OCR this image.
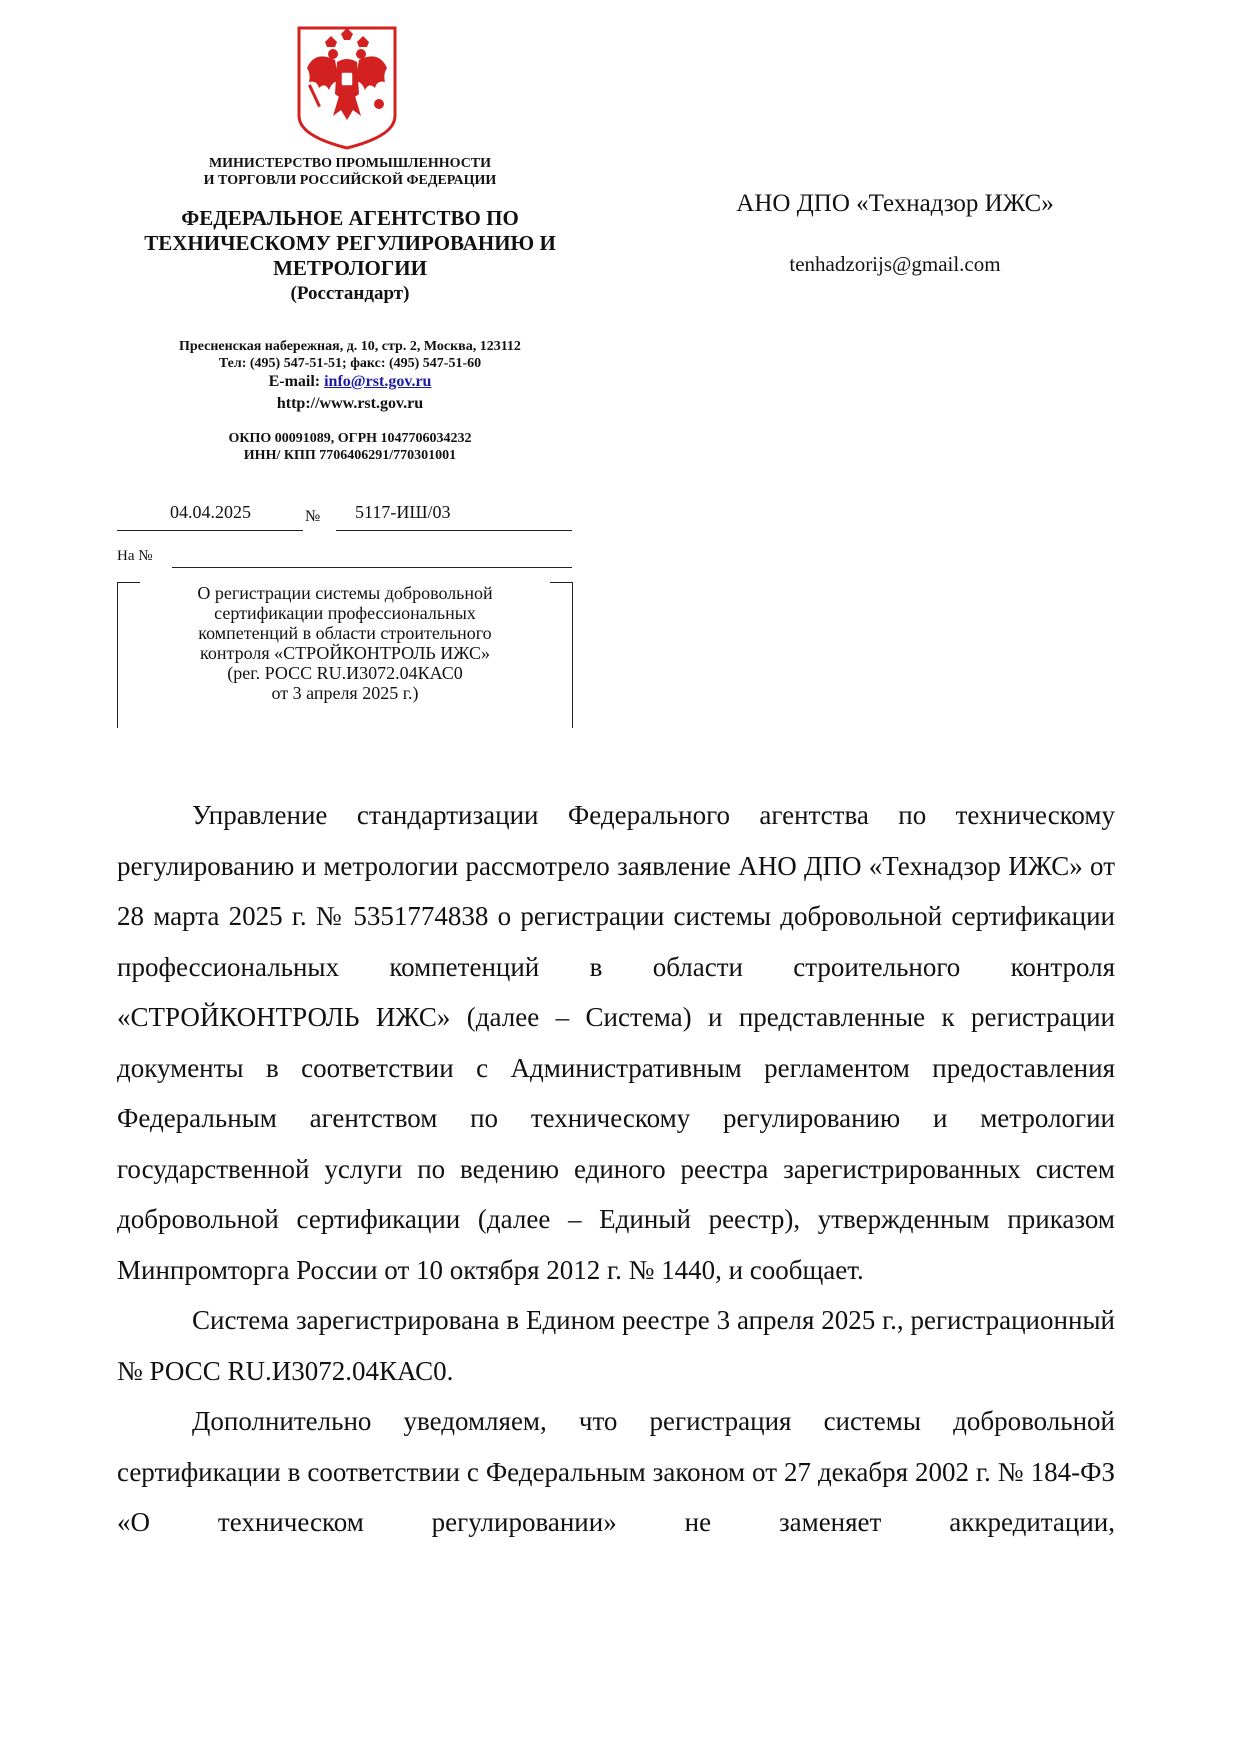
МИНИСТЕРСТВО ПРОМЫШЛЕННОСТИ
И ТОРГОВЛИ РОССИЙСКОЙ ФЕДЕРАЦИИ
ФЕДЕРАЛЬНОЕ АГЕНТСТВО ПО
ТЕХНИЧЕСКОМУ РЕГУЛИРОВАНИЮ И
МЕТРОЛОГИИ
(Росстандарт)
Пресненская набережная, д. 10, стр. 2, Москва, 123112
Тел: (495) 547-51-51; факс: (495) 547-51-60
E-mail: info@rst.gov.ru
http://www.rst.gov.ru
ОКПО 00091089, ОГРН 1047706034232
ИНН/ КПП 7706406291/770301001
04.04.2025	№ 5117-ИШ/03
На №
О регистрации системы добровольной
сертификации профессиональных
компетенций в области строительного
контроля «СТРОЙКОНТРОЛЬ ИЖС»
(рег. РОСС RU.И3072.04КАС0
от 3 апреля 2025 г.)
АНО ДПО «Технадзор ИЖС»
tenhadzorijs@gmail.com

Управление стандартизации Федерального агентства по техническому регулированию и метрологии рассмотрело заявление АНО ДПО «Технадзор ИЖС» от 28 марта 2025 г. № 5351774838 о регистрации системы добровольной сертификации профессиональных компетенций в области строительного контроля «СТРОЙКОНТРОЛЬ ИЖС» (далее – Система) и представленные к регистрации документы в соответствии с Административным регламентом предоставления Федеральным агентством по техническому регулированию и метрологии государственной услуги по ведению единого реестра зарегистрированных систем добровольной сертификации (далее – Единый реестр), утвержденным приказом Минпромторга России от 10 октября 2012 г. № 1440, и сообщает.

Система зарегистрирована в Едином реестре 3 апреля 2025 г., регистрационный № РОСС RU.И3072.04КАС0.

Дополнительно уведомляем, что регистрация системы добровольной сертификации в соответствии с Федеральным законом от 27 декабря 2002 г. № 184-ФЗ «О техническом регулировании» не заменяет аккредитации,
